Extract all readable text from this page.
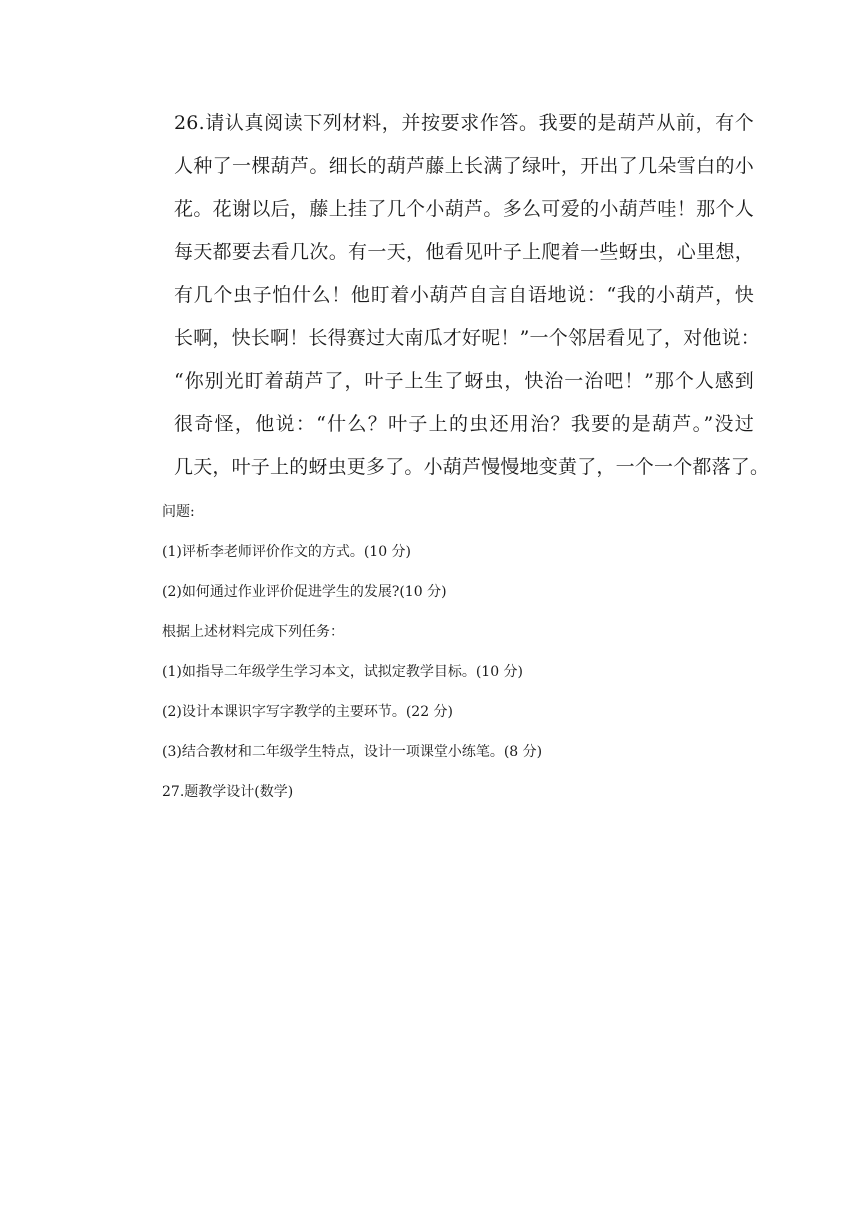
26.请认真阅读下列材料，并按要求作答。我要的是葫芦从前，有个
人种了一棵葫芦。细长的葫芦藤上长满了绿叶，开出了几朵雪白的小
花。花谢以后，藤上挂了几个小葫芦。多么可爱的小葫芦哇！那个人
每天都要去看几次。有一天，他看见叶子上爬着一些蚜虫，心里想，
有几个虫子怕什么！他盯着小葫芦自言自语地说：“我的小葫芦，快
长啊，快长啊！长得赛过大南瓜才好呢！”一个邻居看见了，对他说：
“你别光盯着葫芦了，叶子上生了蚜虫，快治一治吧！”那个人感到
很奇怪，他说：“什么？叶子上的虫还用治？我要的是葫芦。”没过
几天，叶子上的蚜虫更多了。小葫芦慢慢地变黄了，一个一个都落了。
问题:
(1)评析李老师评价作文的方式。(10 分)
(2)如何通过作业评价促进学生的发展?(10 分)
根据上述材料完成下列任务：
(1)如指导二年级学生学习本文，试拟定教学目标。(10 分)
(2)设计本课识字写字教学的主要环节。(22 分)
(3)结合教材和二年级学生特点，设计一项课堂小练笔。(8 分)
27.题教学设计(数学)
